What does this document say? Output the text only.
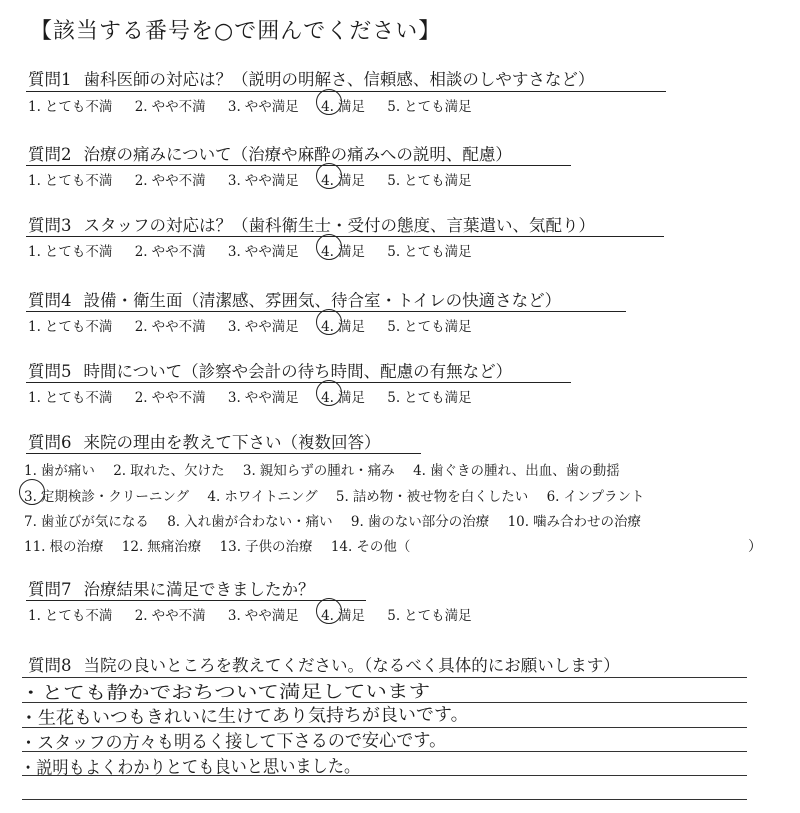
【該当する番号を○で囲んでください】
質問1 歯科医師の対応は？（説明の明解さ、信頼感、相談のしやすさなど）
1. とても不満 2. やや不満 3. やや満足 4. 満足 5. とても満足
質問2 治療の痛みについて（治療や麻酔の痛みへの説明、配慮）
1. とても不満 2. やや不満 3. やや満足 4. 満足 5. とても満足
質問3 スタッフの対応は？（歯科衛生士・受付の態度、言葉遣い、気配り）
1. とても不満 2. やや不満 3. やや満足 4. 満足 5. とても満足
質問4 設備・衛生面（清潔感、雰囲気、待合室・トイレの快適さなど）
1. とても不満 2. やや不満 3. やや満足 4. 満足 5. とても満足
質問5 時間について（診察や会計の待ち時間、配慮の有無など）
1. とても不満 2. やや不満 3. やや満足 4. 満足 5. とても満足
質問6 来院の理由を教えて下さい（複数回答）
1. 歯が痛い 2. 取れた、欠けた 3. 親知らずの腫れ・痛み 4. 歯ぐきの腫れ、出血、歯の動揺
3. 定期検診・クリーニング 4. ホワイトニング 5. 詰め物・被せ物を白くしたい 6. インプラント
7. 歯並びが気になる 8. 入れ歯が合わない・痛い 9. 歯のない部分の治療 10. 噛み合わせの治療
11. 根の治療 12. 無痛治療 13. 子供の治療 14. その他（	）
質問7 治療結果に満足できましたか？
1. とても不満 2. やや不満 3. やや満足 4. 満足 5. とても満足
質問8 当院の良いところを教えてください。（なるべく具体的にお願いします）
・とても静かでおちついて満足しています
・生花もいつもきれいに生けてあり気持ちが良いです。
・スタッフの方々も明るく接して下さるので安心です。
・説明もよくわかりとても良いと思いました。
